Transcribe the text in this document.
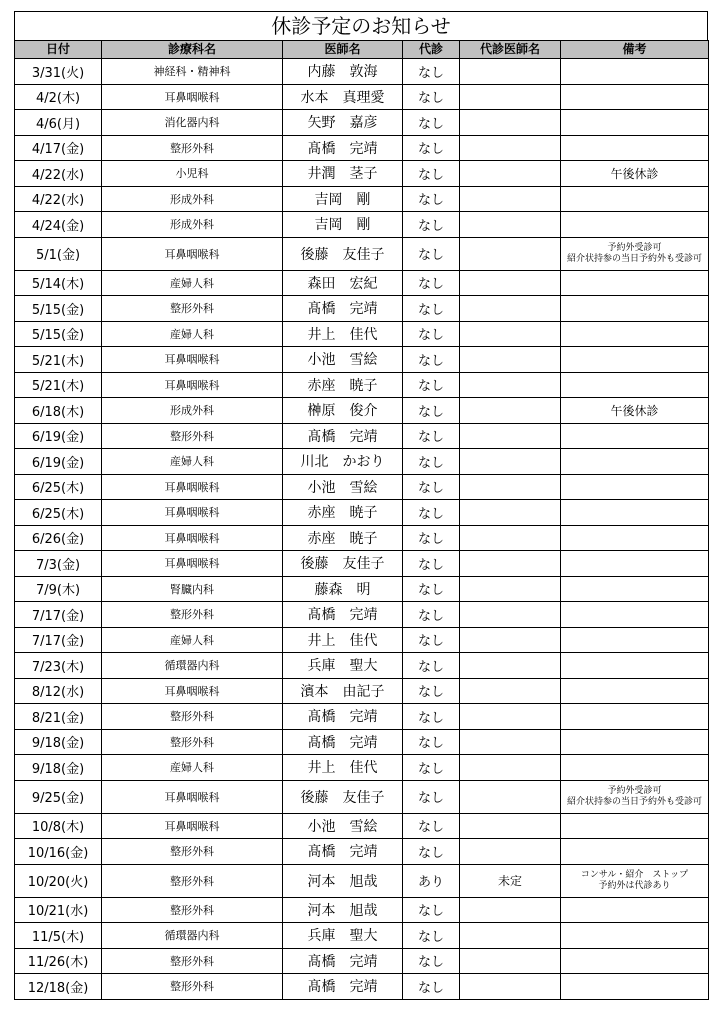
休診予定のお知らせ
日付	診療科名	医師名	代診	代診医師名	備考
3/31(火)	神経科・精神科	内藤　敦海	なし		
4/2(木)	耳鼻咽喉科	水本　真理愛	なし		
4/6(月)	消化器内科	矢野　嘉彦	なし		
4/17(金)	整形外科	髙橋　完靖	なし		
4/22(水)	小児科	井潤　茎子	なし		午後休診
4/22(水)	形成外科	吉岡　剛	なし		
4/24(金)	形成外科	吉岡　剛	なし		
5/1(金)	耳鼻咽喉科	後藤　友佳子	なし		予約外受診可
紹介状持参の当日予約外も受診可

5/14(木)	産婦人科	森田　宏紀	なし		
5/15(金)	整形外科	髙橋　完靖	なし		
5/15(金)	産婦人科	井上　佳代	なし		
5/21(木)	耳鼻咽喉科	小池　雪絵	なし		
5/21(木)	耳鼻咽喉科	赤座　暁子	なし		
6/18(木)	形成外科	榊原　俊介	なし		午後休診
6/19(金)	整形外科	髙橋　完靖	なし		
6/19(金)	産婦人科	川北　かおり	なし		
6/25(木)	耳鼻咽喉科	小池　雪絵	なし		
6/25(木)	耳鼻咽喉科	赤座　暁子	なし		
6/26(金)	耳鼻咽喉科	赤座　暁子	なし		
7/3(金)	耳鼻咽喉科	後藤　友佳子	なし		
7/9(木)	腎臓内科	藤森　明	なし		
7/17(金)	整形外科	髙橋　完靖	なし		
7/17(金)	産婦人科	井上　佳代	なし		
7/23(木)	循環器内科	兵庫　聖大	なし		
8/12(水)	耳鼻咽喉科	濱本　由記子	なし		
8/21(金)	整形外科	髙橋　完靖	なし		
9/18(金)	整形外科	髙橋　完靖	なし		
9/18(金)	産婦人科	井上　佳代	なし		
9/25(金)	耳鼻咽喉科	後藤　友佳子	なし		予約外受診可
紹介状持参の当日予約外も受診可

10/8(木)	耳鼻咽喉科	小池　雪絵	なし		
10/16(金)	整形外科	髙橋　完靖	なし		
10/20(火)	整形外科	河本　旭哉	あり	未定	コンサル・紹介　ストップ
予約外は代診あり

10/21(水)	整形外科	河本　旭哉	なし		
11/5(木)	循環器内科	兵庫　聖大	なし		
11/26(木)	整形外科	髙橋　完靖	なし		
12/18(金)	整形外科	髙橋　完靖	なし		
